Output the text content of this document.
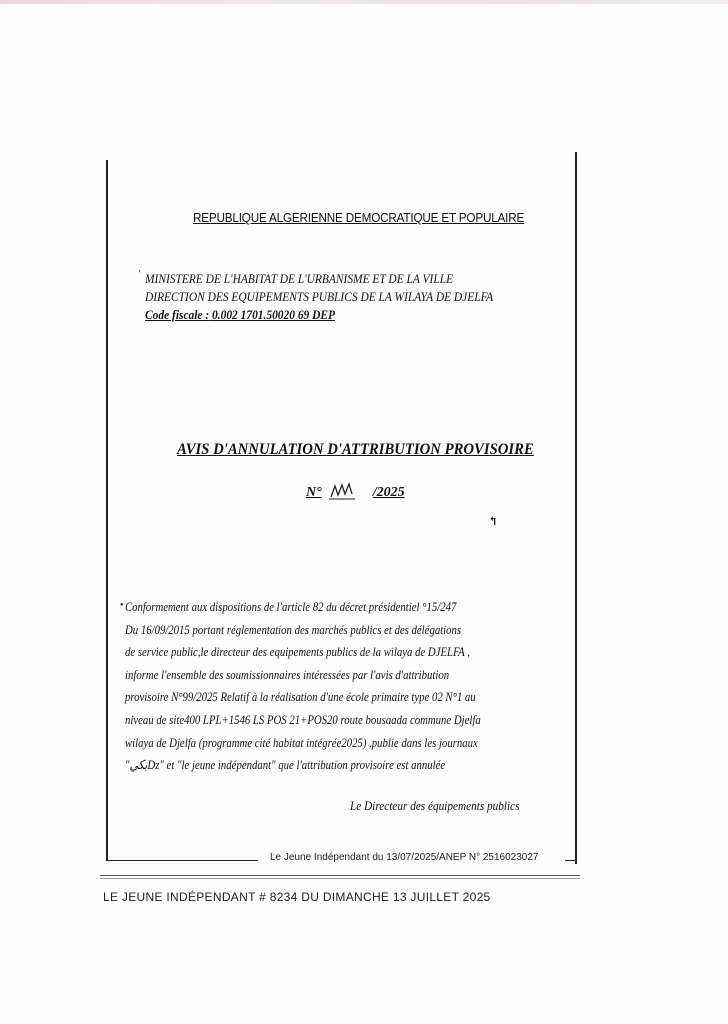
REPUBLIQUE ALGERIENNE DEMOCRATIQUE ET POPULAIRE
' MINISTERE DE L'HABITAT DE L'URBANISME ET DE LA VILLE
DIRECTION DES EQUIPEMENTS PUBLICS DE LA WILAYA DE DJELFA
Code fiscale : 0.002 1701.50020 69 DEP
AVIS D'ANNULATION D'ATTRIBUTION PROVISOIRE
N°	/2025
↰
• Conformement aux dispositions de l'article 82 du décret présidentiel °15/247
Du 16/09/2015 portant réglementation des marchés publics et des délégations
de service public,le directeur des equipements publics de la wilaya de DJELFA ,
informe l'ensemble des soumissionnaires intéressées par l'avis d'attribution
provisoire N°99/2025 Relatif à la réalisation d'une école primaire type 02 N°1 au
niveau de site400 LPL+1546 LS POS 21+POS20 route bousaada commune Djelfa
wilaya de Djelfa (programme cité habitat intégrée2025) ,publie dans les journaux
"بكيDz" et "le jeune indépendant" que l'attribution provisoire est annulée
Le Directeur des équipements publics
Le Jeune Indépendant du 13/07/2025/ANEP N° 2516023027
LE JEUNE INDÉPENDANT # 8234 DU DIMANCHE 13 JUILLET 2025
